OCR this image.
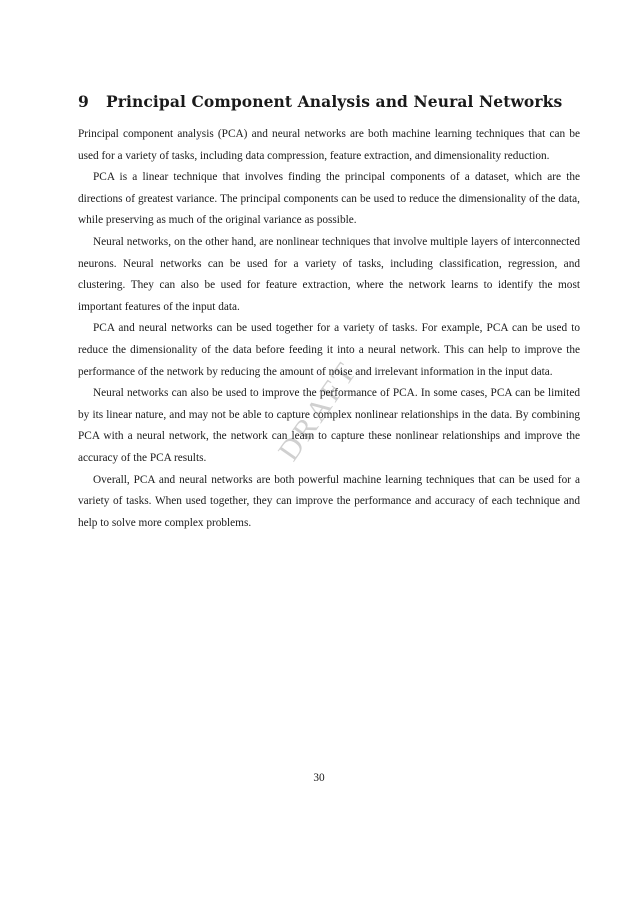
DRAFT
9 Principal Component Analysis and Neural Networks

Principal component analysis (PCA) and neural networks are both machine learning techniques that can be used for a variety of tasks, including data compression, feature extraction, and dimensionality reduction.

PCA is a linear technique that involves finding the principal components of a dataset, which are the directions of greatest variance. The principal components can be used to reduce the dimensionality of the data, while preserving as much of the original variance as possible.

Neural networks, on the other hand, are nonlinear techniques that involve multiple layers of interconnected neurons. Neural networks can be used for a variety of tasks, including classification, regression, and clustering. They can also be used for feature extraction, where the network learns to identify the most important features of the input data.

PCA and neural networks can be used together for a variety of tasks. For example, PCA can be used to reduce the dimensionality of the data before feeding it into a neural network. This can help to improve the performance of the network by reducing the amount of noise and irrelevant information in the input data.

Neural networks can also be used to improve the performance of PCA. In some cases, PCA can be limited by its linear nature, and may not be able to capture complex nonlinear relationships in the data. By combining PCA with a neural network, the network can learn to capture these nonlinear relationships and improve the accuracy of the PCA results.

Overall, PCA and neural networks are both powerful machine learning techniques that can be used for a variety of tasks. When used together, they can improve the performance and accuracy of each technique and help to solve more complex problems.

30
